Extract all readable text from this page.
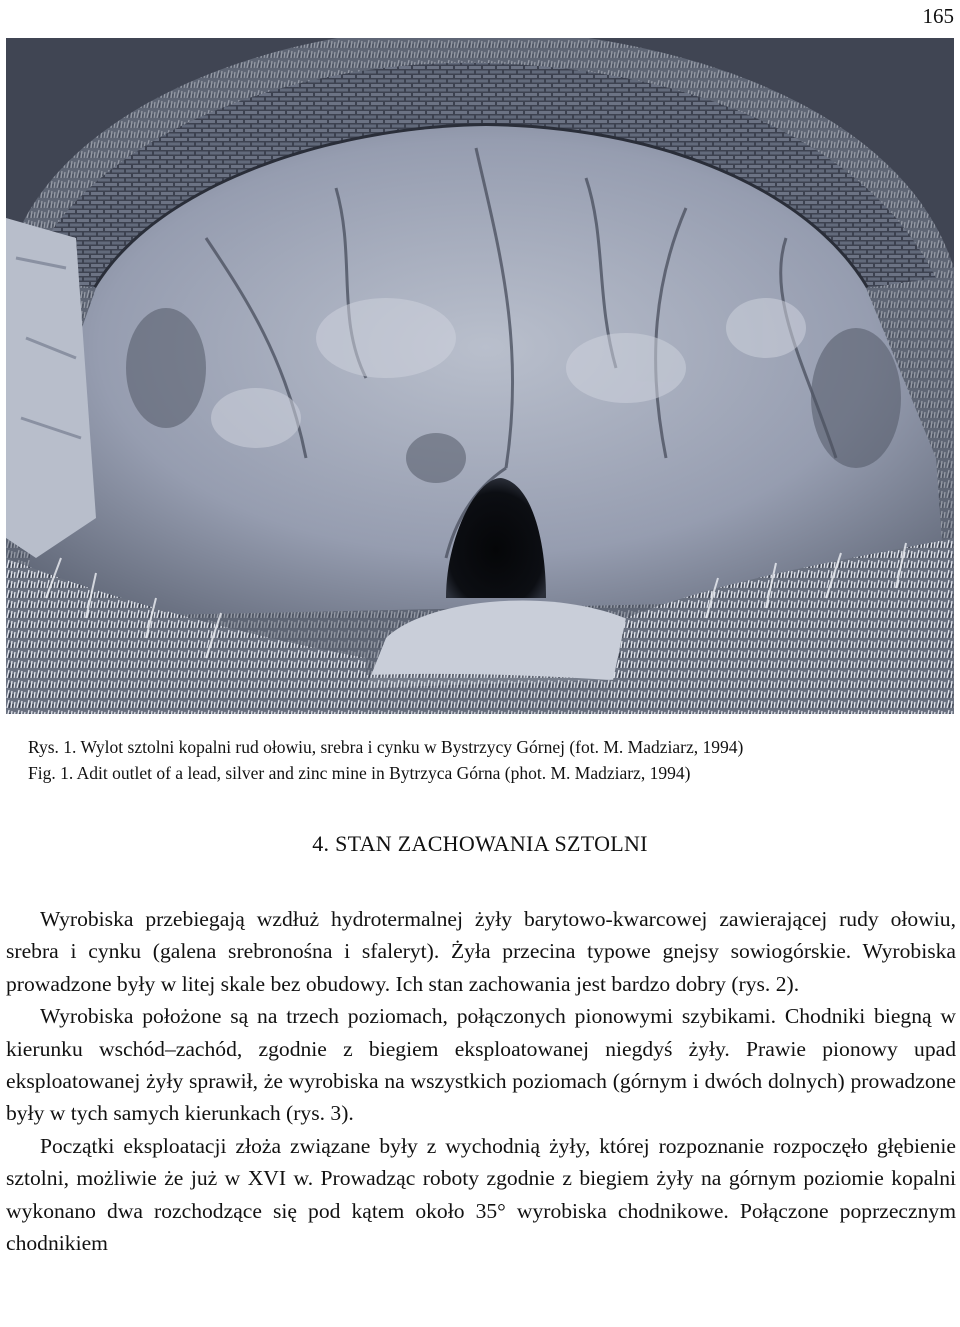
165
Rys. 1. Wylot sztolni kopalni rud ołowiu, srebra i cynku w Bystrzycy Górnej (fot. M. Madziarz, 1994)
Fig. 1. Adit outlet of a lead, silver and zinc mine in Bytrzyca Górna (phot. M. Madziarz, 1994)
4. STAN ZACHOWANIA SZTOLNI

Wyrobiska przebiegają wzdłuż hydrotermalnej żyły barytowo-kwarcowej zawierającej rudy ołowiu, srebra i cynku (galena srebronośna i sfaleryt). Żyła przecina typowe gnejsy sowiogórskie. Wyrobiska prowadzone były w litej skale bez obudowy. Ich stan zachowania jest bardzo dobry (rys. 2).

Wyrobiska położone są na trzech poziomach, połączonych pionowymi szybikami. Chodniki biegną w kierunku wschód–zachód, zgodnie z biegiem eksploatowanej niegdyś żyły. Prawie pionowy upad eksploatowanej żyły sprawił, że wyrobiska na wszystkich poziomach (górnym i dwóch dolnych) prowadzone były w tych samych kierunkach (rys. 3).

Początki eksploatacji złoża związane były z wychodnią żyły, której rozpoznanie rozpoczęło głębienie sztolni, możliwie że już w XVI w. Prowadząc roboty zgodnie z biegiem żyły na górnym poziomie kopalni wykonano dwa rozchodzące się pod kątem około 35° wyrobiska chodnikowe. Połączone poprzecznym chodnikiem
